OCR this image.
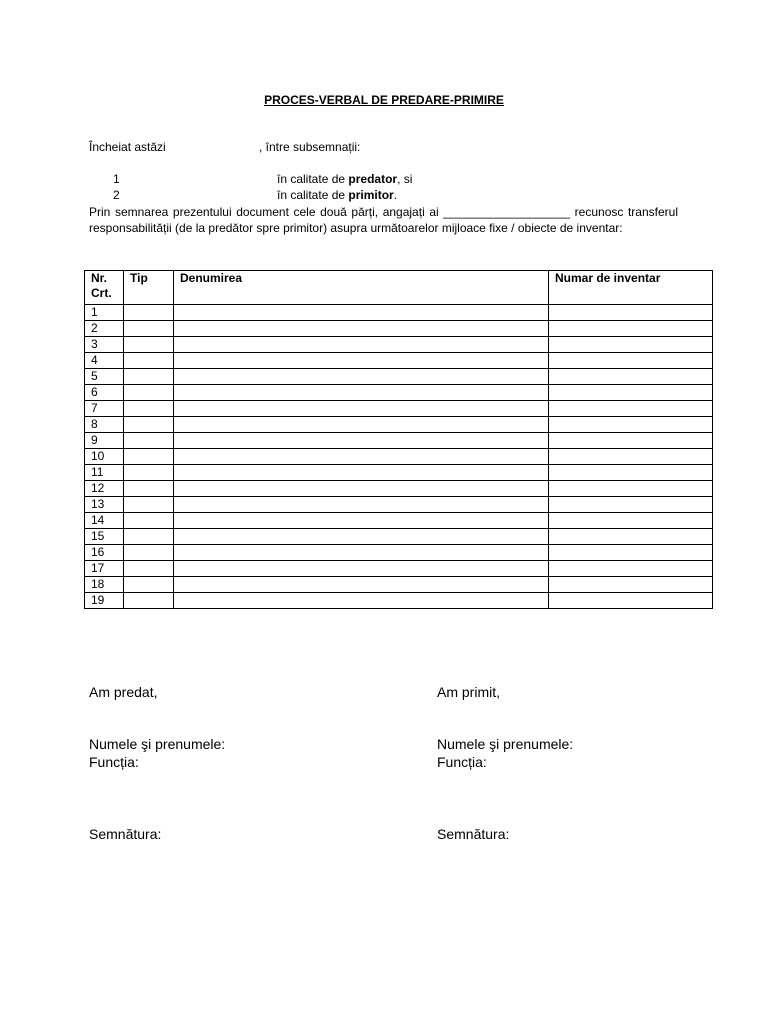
PROCES-VERBAL DE PREDARE-PRIMIRE
Încheiat astăzi	, între subsemnații:
1	în calitate de predator, si
2	în calitate de primitor.
Prin semnarea prezentului document cele două părți, angajați ai ___________________ recunosc transferul responsabilității (de la predător spre primitor) asupra următoarelor mijloace fixe / obiecte de inventar:
Nr. Crt.	Tip	Denumirea	Numar de inventar
1			
2			
3			
4			
5			
6			
7			
8			
9			
10			
11			
12			
13			
14			
15			
16			
17			
18			
19			
Am predat,	Am primit,
Numele şi prenumele:	Numele şi prenumele:
Funcția:	Funcția:
Semnătura:	Semnătura:
